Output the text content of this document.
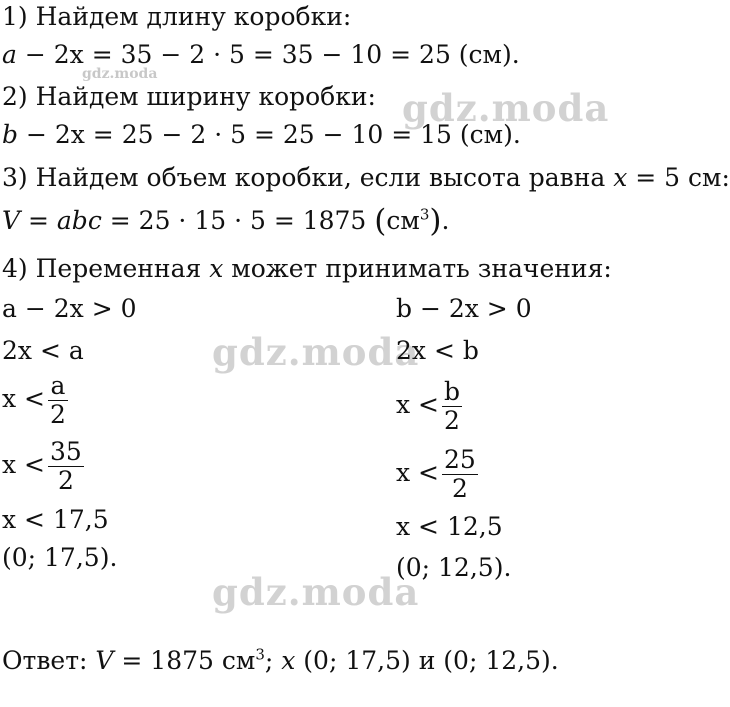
gdz.moda
gdz.moda
gdz.moda
gdz.moda
1) Найдем длину коробки:
a − 2x = 35 − 2 · 5 = 35 − 10 = 25 (см).
2) Найдем ширину коробки:
b − 2x = 25 − 2 · 5 = 25 − 10 = 15 (см).
3) Найдем объем коробки, если высота равна x = 5 см:
V = abc = 25 · 15 · 5 = 1875 $(см^3)$.
4) Переменная x может принимать значения:
a − 2x > 0
2x < a
$x < \frac{a}{2}$
$x < \frac{35}{2}$
x < 17,5
(0; 17,5).
b − 2x > 0
2x < b
$x < \frac{b}{2}$
$x < \frac{25}{2}$
x < 12,5
(0; 12,5).
Ответ: V = 1875 $см^3$; x (0; 17,5) и (0; 12,5).
